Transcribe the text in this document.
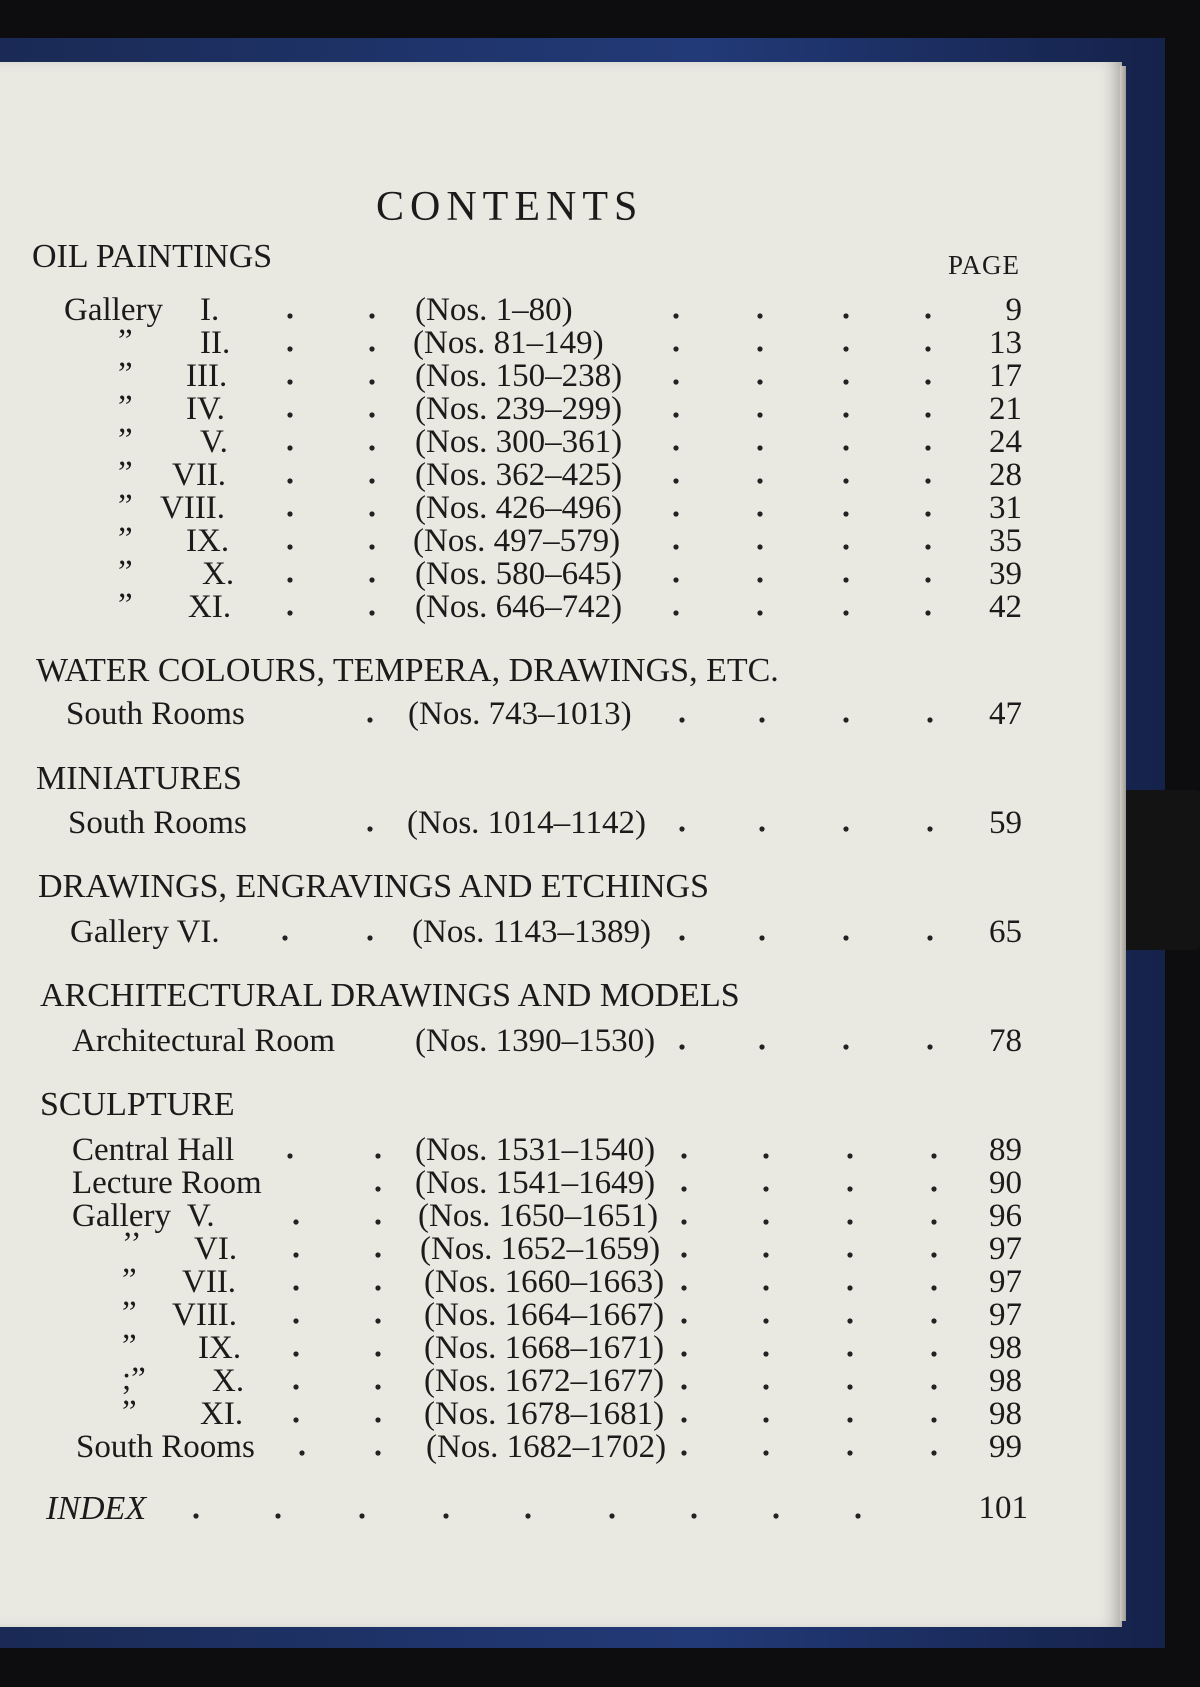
CONTENTS
OIL PAINTINGS	PAGE
Gallery I.	(Nos. 1–80)	9
” II.	(Nos. 81–149)	13
” III.	(Nos. 150–238)	17
” IV.	(Nos. 239–299)	21
” V.	(Nos. 300–361)	24
” VII.	(Nos. 362–425)	28
” VIII.	(Nos. 426–496)	31
” IX.	(Nos. 497–579)	35
” X.	(Nos. 580–645)	39
” XI.	(Nos. 646–742)	42
WATER COLOURS, TEMPERA, DRAWINGS, ETC.
South Rooms	(Nos. 743–1013)	47
MINIATURES
South Rooms	(Nos. 1014–1142)	59
DRAWINGS, ENGRAVINGS AND ETCHINGS
Gallery VI.	(Nos. 1143–1389)	65
ARCHITECTURAL DRAWINGS AND MODELS
Architectural Room (Nos. 1390–1530)	78
SCULPTURE
Central Hall	(Nos. 1531–1540)	89
Lecture Room	(Nos. 1541–1649)	90
Gallery  V.	(Nos. 1650–1651)	96
’’ VI.	(Nos. 1652–1659)	97
” VII.	(Nos. 1660–1663)	97
” VIII.	(Nos. 1664–1667)	97
” IX.	(Nos. 1668–1671)	98
;” X.	(Nos. 1672–1677)	98
” XI.	(Nos. 1678–1681)	98
South Rooms	(Nos. 1682–1702)	99
INDEX	101
